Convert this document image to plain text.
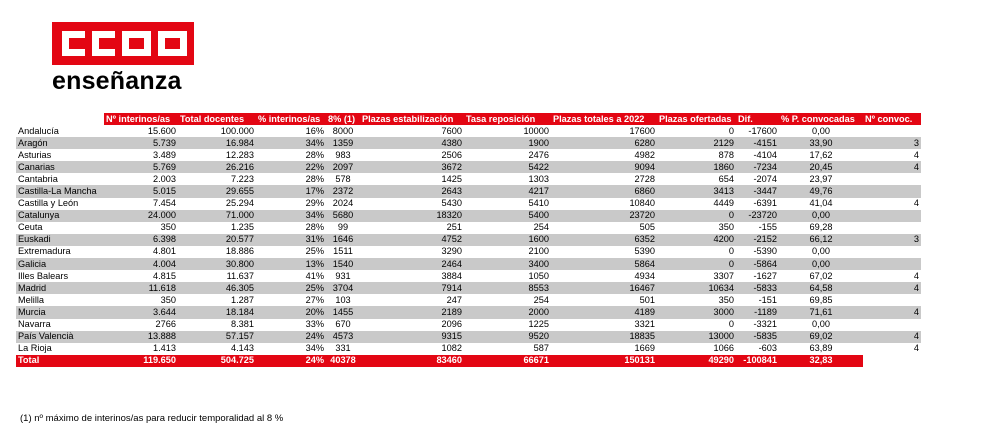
enseñanza
	Nº interinos/as	Total docentes	% interinos/as	8% (1)	Plazas estabilización	Tasa reposición	Plazas totales a 2022	Plazas ofertadas	Dif.	% P. convocadas	Nº convoc.
Andalucía	15.600	100.000	16%	8000	7600	10000	17600	0	-17600	0,00	
Aragón	5.739	16.984	34%	1359	4380	1900	6280	2129	-4151	33,90	3
Asturias	3.489	12.283	28%	983	2506	2476	4982	878	-4104	17,62	4
Canarias	5.769	26.216	22%	2097	3672	5422	9094	1860	-7234	20,45	4
Cantabria	2.003	7.223	28%	578	1425	1303	2728	654	-2074	23,97	
Castilla-La Mancha	5.015	29.655	17%	2372	2643	4217	6860	3413	-3447	49,76	
Castilla y León	7.454	25.294	29%	2024	5430	5410	10840	4449	-6391	41,04	4
Catalunya	24.000	71.000	34%	5680	18320	5400	23720	0	-23720	0,00	
Ceuta	350	1.235	28%	99	251	254	505	350	-155	69,28	
Euskadi	6.398	20.577	31%	1646	4752	1600	6352	4200	-2152	66,12	3
Extremadura	4.801	18.886	25%	1511	3290	2100	5390	0	-5390	0,00	
Galicia	4.004	30.800	13%	1540	2464	3400	5864	0	-5864	0,00	
Illes Balears	4.815	11.637	41%	931	3884	1050	4934	3307	-1627	67,02	4
Madrid	11.618	46.305	25%	3704	7914	8553	16467	10634	-5833	64,58	4
Melilla	350	1.287	27%	103	247	254	501	350	-151	69,85	
Murcia	3.644	18.184	20%	1455	2189	2000	4189	3000	-1189	71,61	4
Navarra	2766	8.381	33%	670	2096	1225	3321	0	-3321	0,00	
País Valencià	13.888	57.157	24%	4573	9315	9520	18835	13000	-5835	69,02	4
La Rioja	1.413	4.143	34%	331	1082	587	1669	1066	-603	63,89	4
Total	119.650	504.725	24%	40378	83460	66671	150131	49290	-100841	32,83	
(1) nº máximo de interinos/as para reducir temporalidad al 8 %
